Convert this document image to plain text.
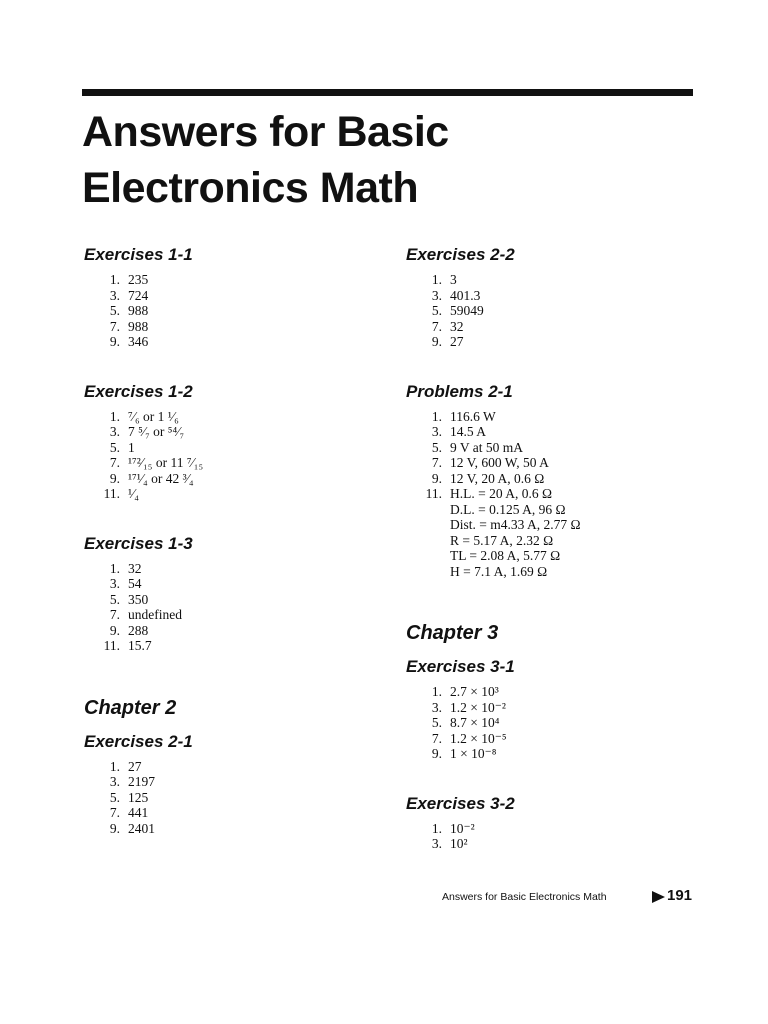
Answers for Basic
Electronics Math
Exercises 1-1
1. 235
3. 724
5. 988
7. 988
9. 346
Exercises 1-2
1. ⁷⁄₆ or 1 ¹⁄₆
3. 7 ⁵⁄₇ or ⁵⁴⁄₇
5. 1
7. ¹⁷²⁄₁₅ or 11 ⁷⁄₁₅
9. ¹⁷¹⁄₄ or 42 ³⁄₄
11. ¹⁄₄
Exercises 1-3
1. 32
3. 54
5. 350
7. undefined
9. 288
11. 15.7
Chapter 2
Exercises 2-1
1. 27
3. 2197
5. 125
7. 441
9. 2401
Exercises 2-2
1. 3
3. 401.3
5. 59049
7. 32
9. 27
Problems 2-1
1. 116.6 W
3. 14.5 A
5. 9 V at 50 mA
7. 12 V, 600 W, 50 A
9. 12 V, 20 A, 0.6 Ω
11. H.L. = 20 A, 0.6 Ω
D.L. = 0.125 A, 96 Ω
Dist. = m4.33 A, 2.77 Ω
R = 5.17 A, 2.32 Ω
TL = 2.08 A, 5.77 Ω
H = 7.1 A, 1.69 Ω
Chapter 3
Exercises 3-1
1. 2.7 × 10³
3. 1.2 × 10⁻²
5. 8.7 × 10⁴
7. 1.2 × 10⁻⁵
9. 1 × 10⁻⁸
Exercises 3-2
1. 10⁻²
3. 10²
Answers for Basic Electronics Math	191
